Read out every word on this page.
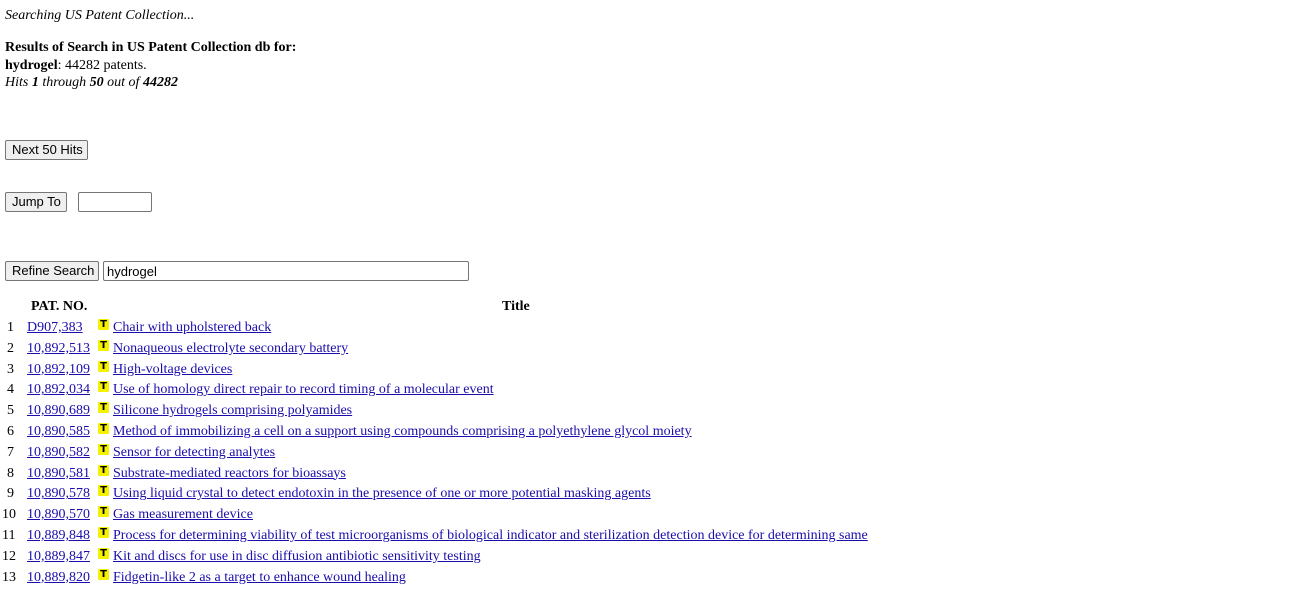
Searching US Patent Collection...
Results of Search in US Patent Collection db for:
hydrogel: 44282 patents.
Hits 1 through 50 out of 44282
Next 50 Hits
Jump To
Refine Search
hydrogel
PAT. NO.	Title
1 D907,383 T Chair with upholstered back
2 10,892,513 T Nonaqueous electrolyte secondary battery
3 10,892,109 T High-voltage devices
4 10,892,034 T Use of homology direct repair to record timing of a molecular event
5 10,890,689 T Silicone hydrogels comprising polyamides
6 10,890,585 T Method of immobilizing a cell on a support using compounds comprising a polyethylene glycol moiety
7 10,890,582 T Sensor for detecting analytes
8 10,890,581 T Substrate-mediated reactors for bioassays
9 10,890,578 T Using liquid crystal to detect endotoxin in the presence of one or more potential masking agents
10 10,890,570 T Gas measurement device
11 10,889,848 T Process for determining viability of test microorganisms of biological indicator and sterilization detection device for determining same
12 10,889,847 T Kit and discs for use in disc diffusion antibiotic sensitivity testing
13 10,889,820 T Fidgetin-like 2 as a target to enhance wound healing
